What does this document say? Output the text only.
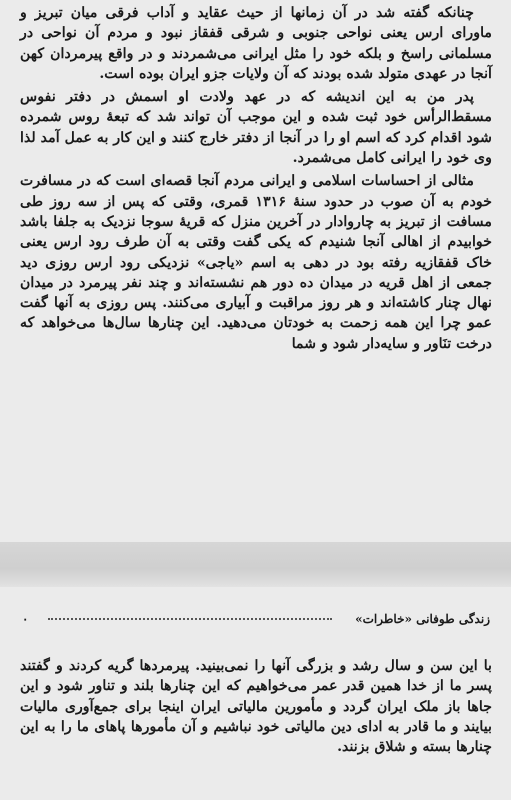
چنانکه گفته شد در آن زمانها از حیث عقاید و آداب فرقی میان تبریز و ماورای ارس یعنی نواحی جنوبی و شرقی قفقاز نبود و مردم آن نواحی در مسلمانی راسخ و بلکه خود را مثل ایرانی می‌شمردند و در واقع پیرمردان کهن آنجا در عهدی متولد شده بودند که آن ولایات جزو ایران بوده است.

پدر من به این اندیشه که در عهد ولادت او اسمش در دفتر نفوس مسقط‌الرأس خود ثبت شده و این موجب آن تواند شد که تبعهٔ روس شمرده شود اقدام کرد که اسم او را در آنجا از دفتر خارج کنند و این کار به عمل آمد لذا وی خود را ایرانی کامل می‌شمرد.

مثالی از احساسات اسلامی و ایرانی مردم آنجا قصه‌ای است که در مسافرت خودم به آن صوب در حدود سنهٔ ۱۳۱۶ قمری، وقتی که پس از سه روز طی مسافت از تبریز به چاروادار در آخرین منزل که قریهٔ سوجا نزدیک به جلفا باشد خوابیدم از اهالی آنجا شنیدم که یکی گفت وقتی به آن طرف رود ارس یعنی خاک قفقازیه رفته بود در دهی به اسم «یاجی» نزدیکی رود ارس روزی دید جمعی از اهل قریه در میدان ده دور هم نشسته‌اند و چند نفر پیرمرد در میدان نهال چنار کاشته‌اند و هر روز مراقبت و آبیاری می‌کنند. پس روزی به آنها گفت عمو چرا این همه زحمت به خودتان می‌دهید. این چنارها سال‌ها می‌خواهد که درخت تنَاور و سایه‌دار شود و شما

زندگی طوفانی «خاطرات»
۰

با این سن و سال رشد و بزرگی آنها را نمی‌بینید. پیرمردها گریه کردند و گفتند پسر ما از خدا همین قدر عمر می‌خواهیم که این چنارها بلند و تناور شود و این جاها باز ملک ایران گردد و مأمورین مالیاتی ایران اینجا برای جمع‌آوری مالیات بیایند و ما قادر به ادای دین مالیاتی خود نباشیم و آن مأمورها پاهای ما را به این چنارها بسته و شلاق بزنند.
